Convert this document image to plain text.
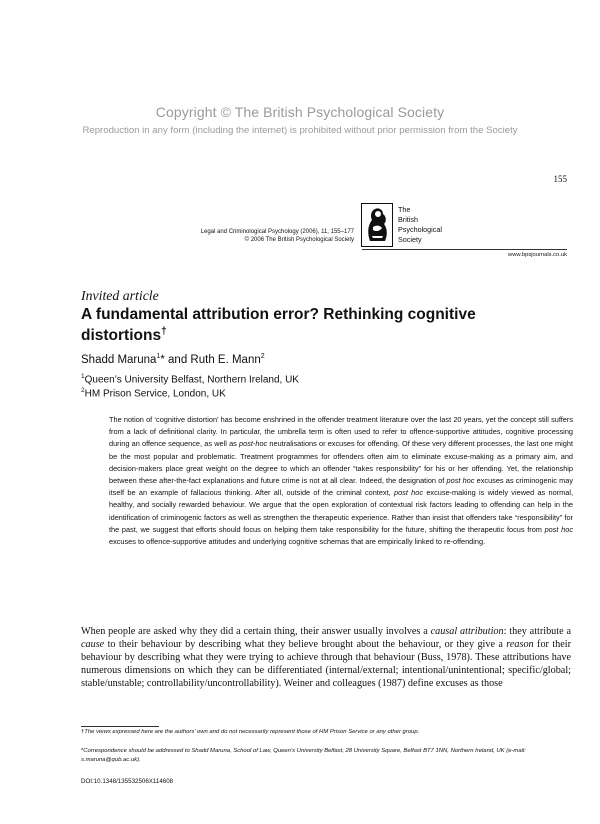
Copyright © The British Psychological Society
Reproduction in any form (including the internet) is prohibited without prior permission from the Society
155
Legal and Criminological Psychology (2006), 11, 155–177
© 2006 The British Psychological Society
The
British
Psychological
Society
www.bpsjournals.co.uk
Invited article
A fundamental attribution error? Rethinking cognitive distortions†
Shadd Maruna$^1$* and Ruth E. Mann$^2$
$^1$Queen’s University Belfast, Northern Ireland, UK
$^2$HM Prison Service, London, UK

The notion of ‘cognitive distortion’ has become enshrined in the offender treatment literature over the last 20 years, yet the concept still suffers from a lack of definitional clarity. In particular, the umbrella term is often used to refer to offence-supportive attitudes, cognitive processing during an offence sequence, as well as post-hoc neutralisations or excuses for offending. Of these very different processes, the last one might be the most popular and problematic. Treatment programmes for offenders often aim to eliminate excuse-making as a primary aim, and decision-makers place great weight on the degree to which an offender “takes responsibility” for his or her offending. Yet, the relationship between these after-the-fact explanations and future crime is not at all clear. Indeed, the designation of post hoc excuses as criminogenic may itself be an example of fallacious thinking. After all, outside of the criminal context, post hoc excuse-making is widely viewed as normal, healthy, and socially rewarded behaviour. We argue that the open exploration of contextual risk factors leading to offending can help in the identification of criminogenic factors as well as strengthen the therapeutic experience. Rather than insist that offenders take “responsibility” for the past, we suggest that efforts should focus on helping them take responsibility for the future, shifting the therapeutic focus from post hoc excuses to offence-supportive attitudes and underlying cognitive schemas that are empirically linked to re-offending.

When people are asked why they did a certain thing, their answer usually involves a causal attribution: they attribute a cause to their behaviour by describing what they believe brought about the behaviour, or they give a reason for their behaviour by describing what they were trying to achieve through that behaviour (Buss, 1978). These attributions have numerous dimensions on which they can be differentiated (internal/external; intentional/unintentional; specific/global; stable/unstable; controllability/uncontrollability). Weiner and colleagues (1987) define excuses as those

†The views expressed here are the authors’ own and do not necessarily represent those of HM Prison Service or any other group.
*Correspondence should be addressed to Shadd Maruna, School of Law, Queen’s University Belfast, 28 University Square, Belfast BT7 1NN, Northern Ireland, UK (e-mail: s.maruna@qub.ac.uk).
DOI:10.1348/135532506X114608
